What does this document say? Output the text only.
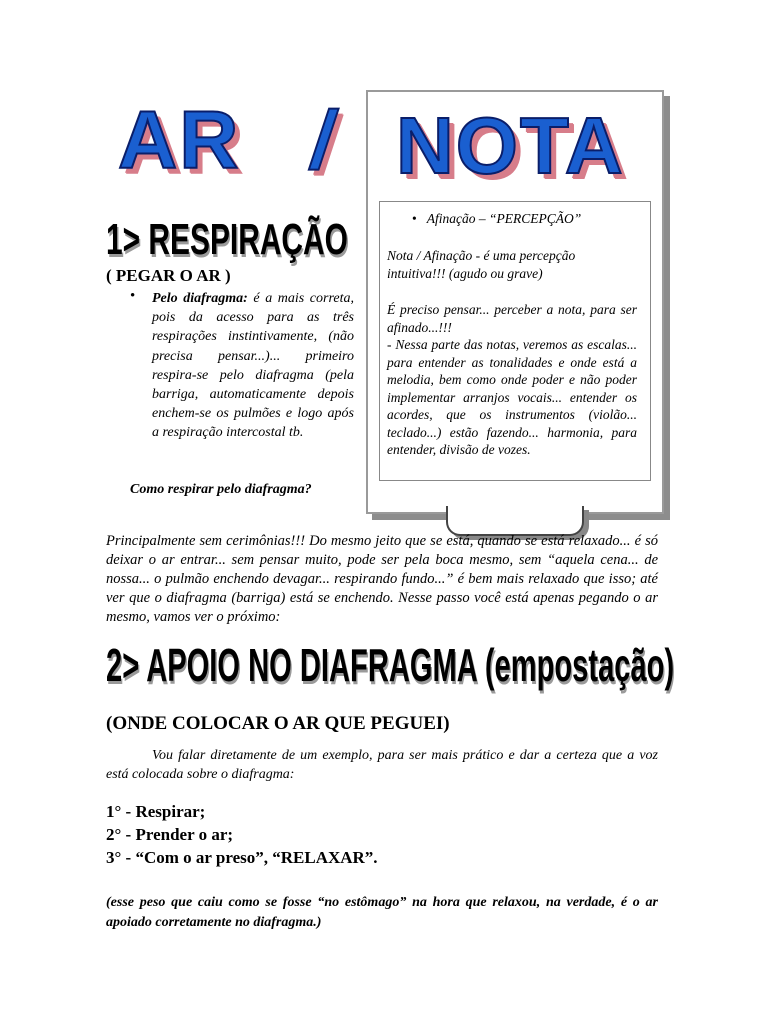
AR / NOTA
• Afinação – “PERCEPÇÃO”
Nota / Afinação - é uma percepção intuitiva!!! (agudo ou grave)
É preciso pensar... perceber a nota, para ser afinado...!!!
- Nessa parte das notas, veremos as escalas... para entender as tonalidades e onde está a melodia, bem como onde poder e não poder implementar arranjos vocais... entender os acordes, que os instrumentos (violão... teclado...) estão fazendo... harmonia, para entender, divisão de vozes.
1> RESPIRAÇÃO
( PEGAR O AR )
• Pelo diafragma: é a mais correta, pois da acesso para as três respirações instintivamente, (não precisa pensar...)... primeiro respira-se pelo diafragma (pela barriga, automaticamente depois enchem-se os pulmões e logo após a respiração intercostal tb.
Como respirar pelo diafragma?
Principalmente sem cerimônias!!! Do mesmo jeito que se está, quando se está relaxado... é só deixar o ar entrar... sem pensar muito, pode ser pela boca mesmo, sem “aquela cena... de nossa... o pulmão enchendo devagar... respirando fundo...” é bem mais relaxado que isso; até ver que o diafragma (barriga) está se enchendo. Nesse passo você está apenas pegando o ar mesmo, vamos ver o próximo:
2> APOIO NO DIAFRAGMA (empostação)
(ONDE COLOCAR O AR QUE PEGUEI)
Vou falar diretamente de um exemplo, para ser mais prático e dar a certeza que a voz está colocada sobre o diafragma:
1° - Respirar;
2° - Prender o ar;
3° - “Com o ar preso”, “RELAXAR”.
(esse peso que caiu como se fosse “no estômago” na hora que relaxou, na verdade, é o ar apoiado corretamente no diafragma.)
